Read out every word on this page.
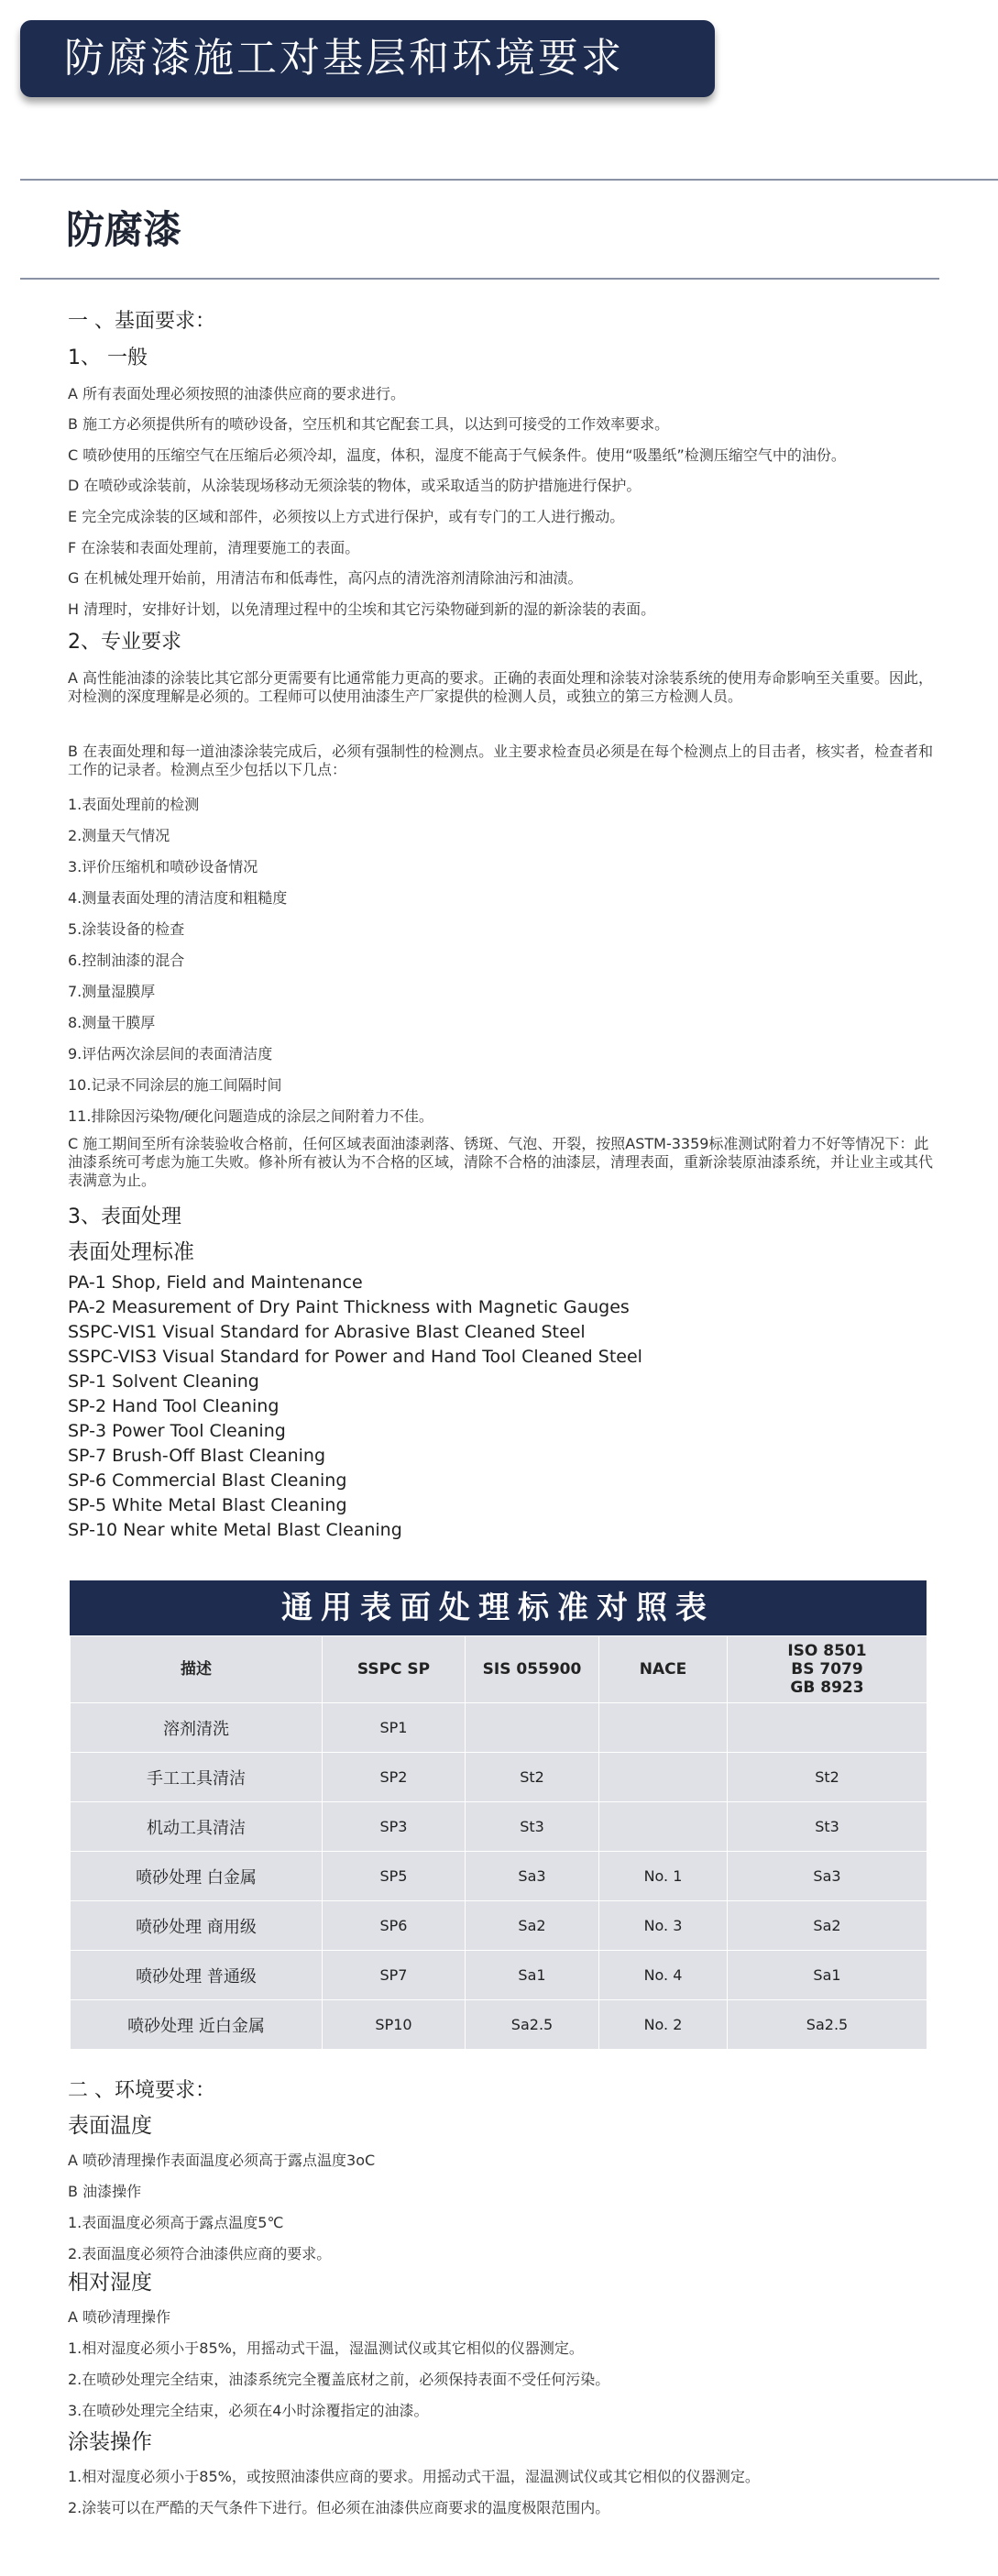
防腐漆施工对基层和环境要求
防腐漆
一 、基面要求：
1、 一般
A 所有表面处理必须按照的油漆供应商的要求进行。
B 施工方必须提供所有的喷砂设备，空压机和其它配套工具，以达到可接受的工作效率要求。
C 喷砂使用的压缩空气在压缩后必须冷却，温度，体积，湿度不能高于气候条件。使用“吸墨纸”检测压缩空气中的油份。
D 在喷砂或涂装前，从涂装现场移动无须涂装的物体，或采取适当的防护措施进行保护。
E 完全完成涂装的区域和部件，必须按以上方式进行保护，或有专门的工人进行搬动。
F 在涂装和表面处理前，清理要施工的表面。
G 在机械处理开始前，用清洁布和低毒性，高闪点的清洗溶剂清除油污和油渍。
H 清理时，安排好计划，以免清理过程中的尘埃和其它污染物碰到新的湿的新涂装的表面。
2、专业要求
A 高性能油漆的涂装比其它部分更需要有比通常能力更高的要求。正确的表面处理和涂装对涂装系统的使用寿命影响至关重要。因此，对检测的深度理解是必须的。工程师可以使用油漆生产厂家提供的检测人员，或独立的第三方检测人员。
B 在表面处理和每一道油漆涂装完成后，必须有强制性的检测点。业主要求检查员必须是在每个检测点上的目击者，核实者，检查者和工作的记录者。检测点至少包括以下几点：
1.表面处理前的检测
2.测量天气情况
3.评价压缩机和喷砂设备情况
4.测量表面处理的清洁度和粗糙度
5.涂装设备的检查
6.控制油漆的混合
7.测量湿膜厚
8.测量干膜厚
9.评估两次涂层间的表面清洁度
10.记录不同涂层的施工间隔时间
11.排除因污染物/硬化问题造成的涂层之间附着力不佳。
C 施工期间至所有涂装验收合格前，任何区域表面油漆剥落、锈斑、气泡、开裂，按照ASTM-3359标准测试附着力不好等情况下：此油漆系统可考虑为施工失败。修补所有被认为不合格的区域，清除不合格的油漆层，清理表面，重新涂装原油漆系统，并让业主或其代表满意为止。
3、表面处理
表面处理标准
PA-1 Shop, Field and Maintenance
PA-2 Measurement of Dry Paint Thickness with Magnetic Gauges
SSPC-VIS1 Visual Standard for Abrasive Blast Cleaned Steel
SSPC-VIS3 Visual Standard for Power and Hand Tool Cleaned Steel
SP-1 Solvent Cleaning
SP-2 Hand Tool Cleaning
SP-3 Power Tool Cleaning
SP-7 Brush-Off Blast Cleaning
SP-6 Commercial Blast Cleaning
SP-5 White Metal Blast Cleaning
SP-10 Near white Metal Blast Cleaning
通用表面处理标准对照表
描述	SSPC SP	SIS 055900	NACE	ISO 8501
BS 7079
GB 8923
溶剂清洗	SP1			
手工工具清洁	SP2	St2		St2
机动工具清洁	SP3	St3		St3
喷砂处理 白金属	SP5	Sa3	No. 1	Sa3
喷砂处理 商用级	SP6	Sa2	No. 3	Sa2
喷砂处理 普通级	SP7	Sa1	No. 4	Sa1
喷砂处理 近白金属	SP10	Sa2.5	No. 2	Sa2.5
二 、环境要求：
表面温度
A 喷砂清理操作表面温度必须高于露点温度3oC
B 油漆操作
1.表面温度必须高于露点温度5℃
2.表面温度必须符合油漆供应商的要求。
相对湿度
A 喷砂清理操作
1.相对湿度必须小于85%，用摇动式干温，湿温测试仪或其它相似的仪器测定。
2.在喷砂处理完全结束，油漆系统完全覆盖底材之前，必须保持表面不受任何污染。
3.在喷砂处理完全结束，必须在4小时涂覆指定的油漆。
涂装操作
1.相对湿度必须小于85%，或按照油漆供应商的要求。用摇动式干温，湿温测试仪或其它相似的仪器测定。
2.涂装可以在严酷的天气条件下进行。但必须在油漆供应商要求的温度极限范围内。
